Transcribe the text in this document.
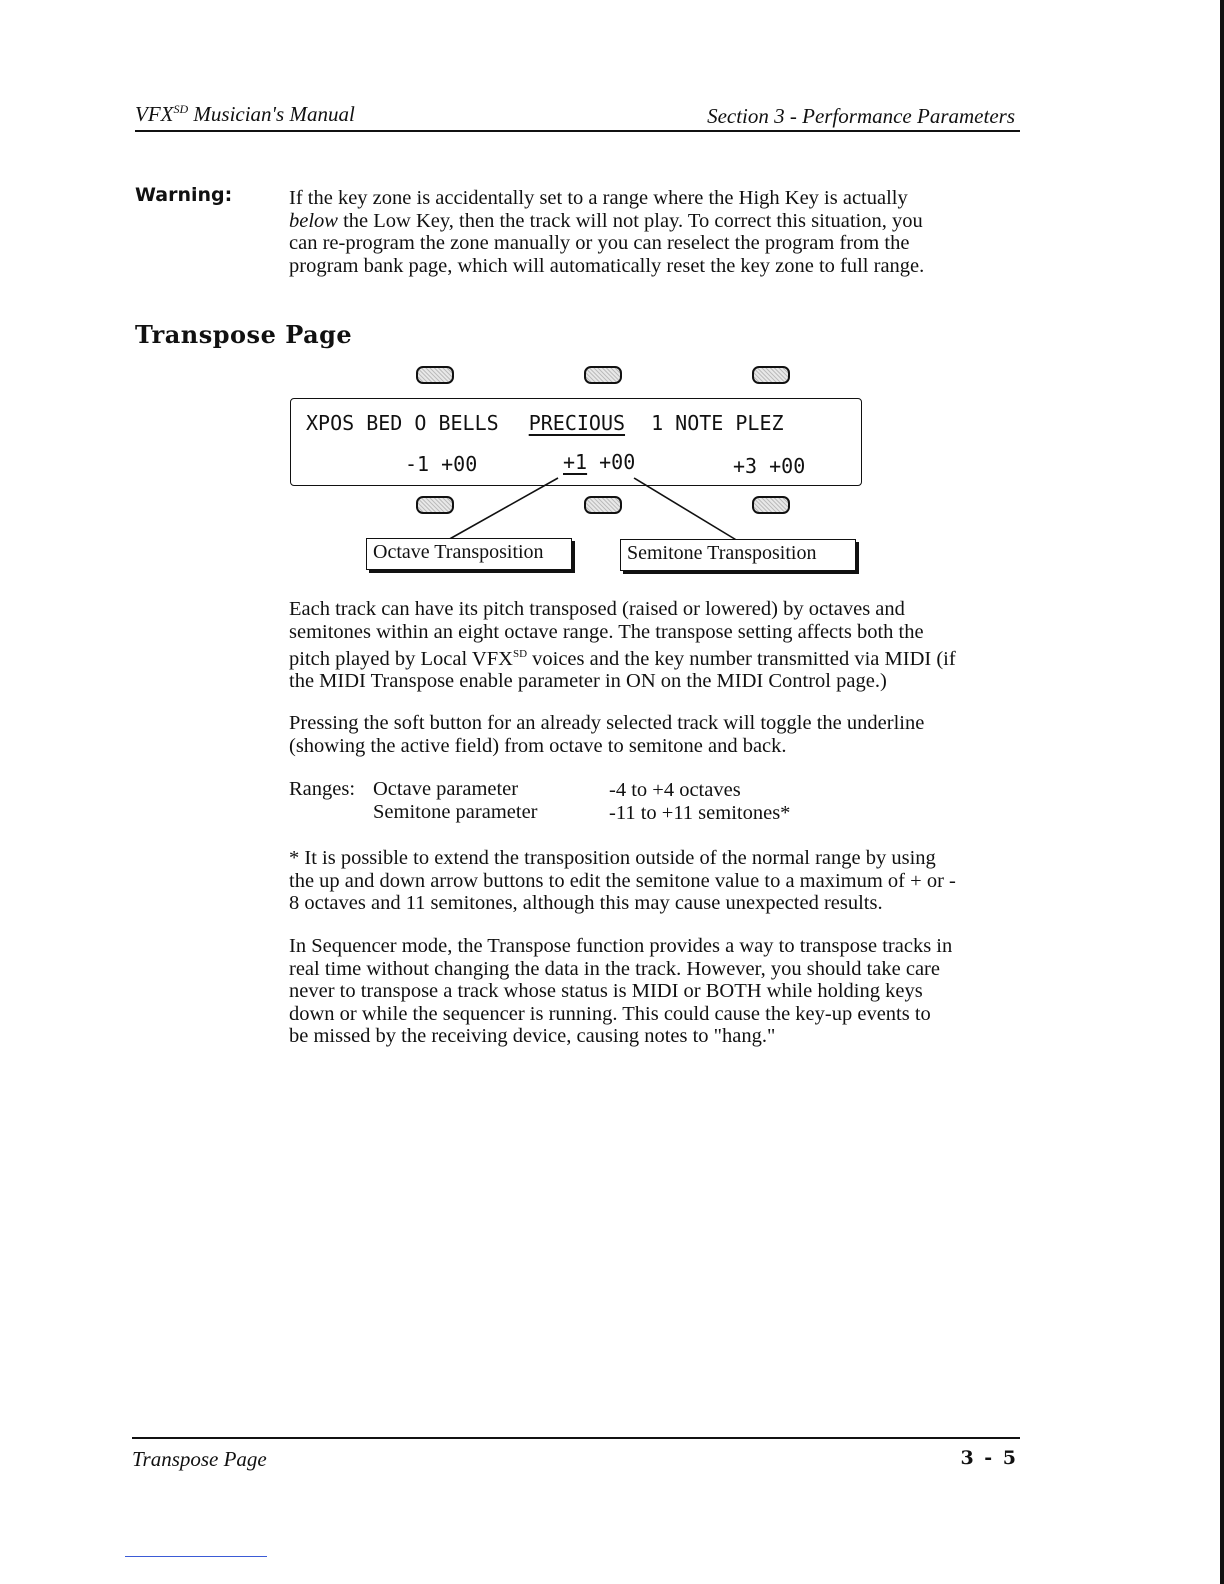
$VFX^{SD}$ Musician's Manual	Section 3 - Performance Parameters
Warning:	If the key zone is accidentally set to a range where the High Key is actually
below the Low Key, then the track will not play. To correct this situation, you
can re-program the zone manually or you can reselect the program from the
program bank page, which will automatically reset the key zone to full range.
Transpose Page
XPOS BED O BELLS PRECIOUS 1 NOTE PLEZ
-1 +00	+1 +00	+3 +00
Octave Transposition	Semitone Transposition
Each track can have its pitch transposed (raised or lowered) by octaves and
semitones within an eight octave range. The transpose setting affects both the
pitch played by Local $VFX^{SD}$ voices and the key number transmitted via MIDI (if
the MIDI Transpose enable parameter in ON on the MIDI Control page.)
Pressing the soft button for an already selected track will toggle the underline
(showing the active field) from octave to semitone and back.
Ranges: Octave parameter	-4 to +4 octaves
Semitone parameter	-11 to +11 semitones*
* It is possible to extend the transposition outside of the normal range by using
the up and down arrow buttons to edit the semitone value to a maximum of + or -
8 octaves and 11 semitones, although this may cause unexpected results.
In Sequencer mode, the Transpose function provides a way to transpose tracks in
real time without changing the data in the track. However, you should take care
never to transpose a track whose status is MIDI or BOTH while holding keys
down or while the sequencer is running. This could cause the key-up events to
be missed by the receiving device, causing notes to "hang."
Transpose Page	3 - 5
